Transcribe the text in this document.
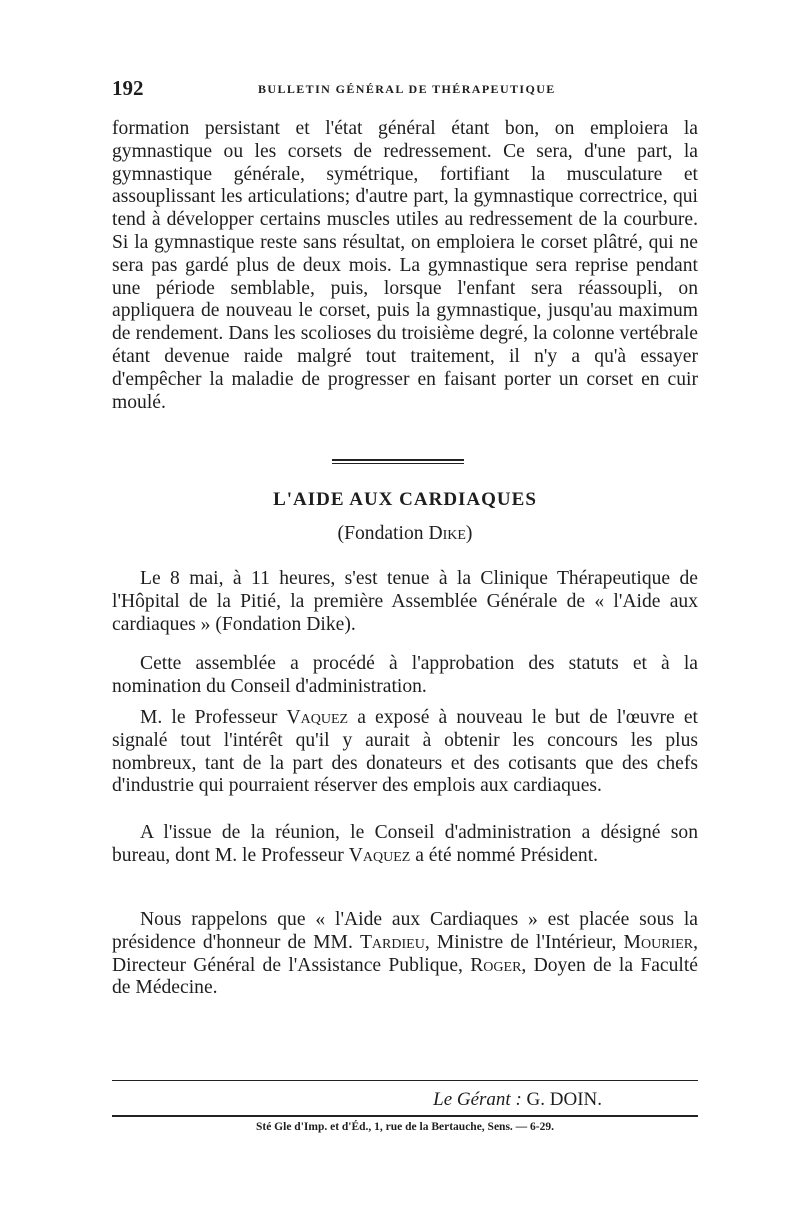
192	BULLETIN GÉNÉRAL DE THÉRAPEUTIQUE

formation persistant et l'état général étant bon, on emploiera la gymnastique ou les corsets de redressement. Ce sera, d'une part, la gymnastique générale, symétrique, fortifiant la musculature et assouplissant les articulations; d'autre part, la gymnastique correctrice, qui tend à développer certains muscles utiles au redressement de la courbure. Si la gymnastique reste sans résultat, on emploiera le corset plâtré, qui ne sera pas gardé plus de deux mois. La gymnastique sera reprise pendant une période semblable, puis, lorsque l'enfant sera réassoupli, on appliquera de nouveau le corset, puis la gymnastique, jusqu'au maximum de rendement. Dans les scolioses du troisième degré, la colonne vertébrale étant devenue raide malgré tout traitement, il n'y a qu'à essayer d'empêcher la maladie de progresser en faisant porter un corset en cuir moulé.

L'AIDE AUX CARDIAQUES
(Fondation Dike)

Le 8 mai, à 11 heures, s'est tenue à la Clinique Thérapeutique de l'Hôpital de la Pitié, la première Assemblée Générale de « l'Aide aux cardiaques » (Fondation Dike).

Cette assemblée a procédé à l'approbation des statuts et à la nomination du Conseil d'administration.

M. le Professeur Vaquez a exposé à nouveau le but de l'œuvre et signalé tout l'intérêt qu'il y aurait à obtenir les concours les plus nombreux, tant de la part des donateurs et des cotisants que des chefs d'industrie qui pourraient réserver des emplois aux cardiaques.

A l'issue de la réunion, le Conseil d'administration a désigné son bureau, dont M. le Professeur Vaquez a été nommé Président.

Nous rappelons que « l'Aide aux Cardiaques » est placée sous la présidence d'honneur de MM. Tardieu, Ministre de l'Intérieur, Mourier, Directeur Général de l'Assistance Publique, Roger, Doyen de la Faculté de Médecine.

Le Gérant : G. DOIN.
Sté Gle d'Imp. et d'Éd., 1, rue de la Bertauche, Sens. — 6-29.
